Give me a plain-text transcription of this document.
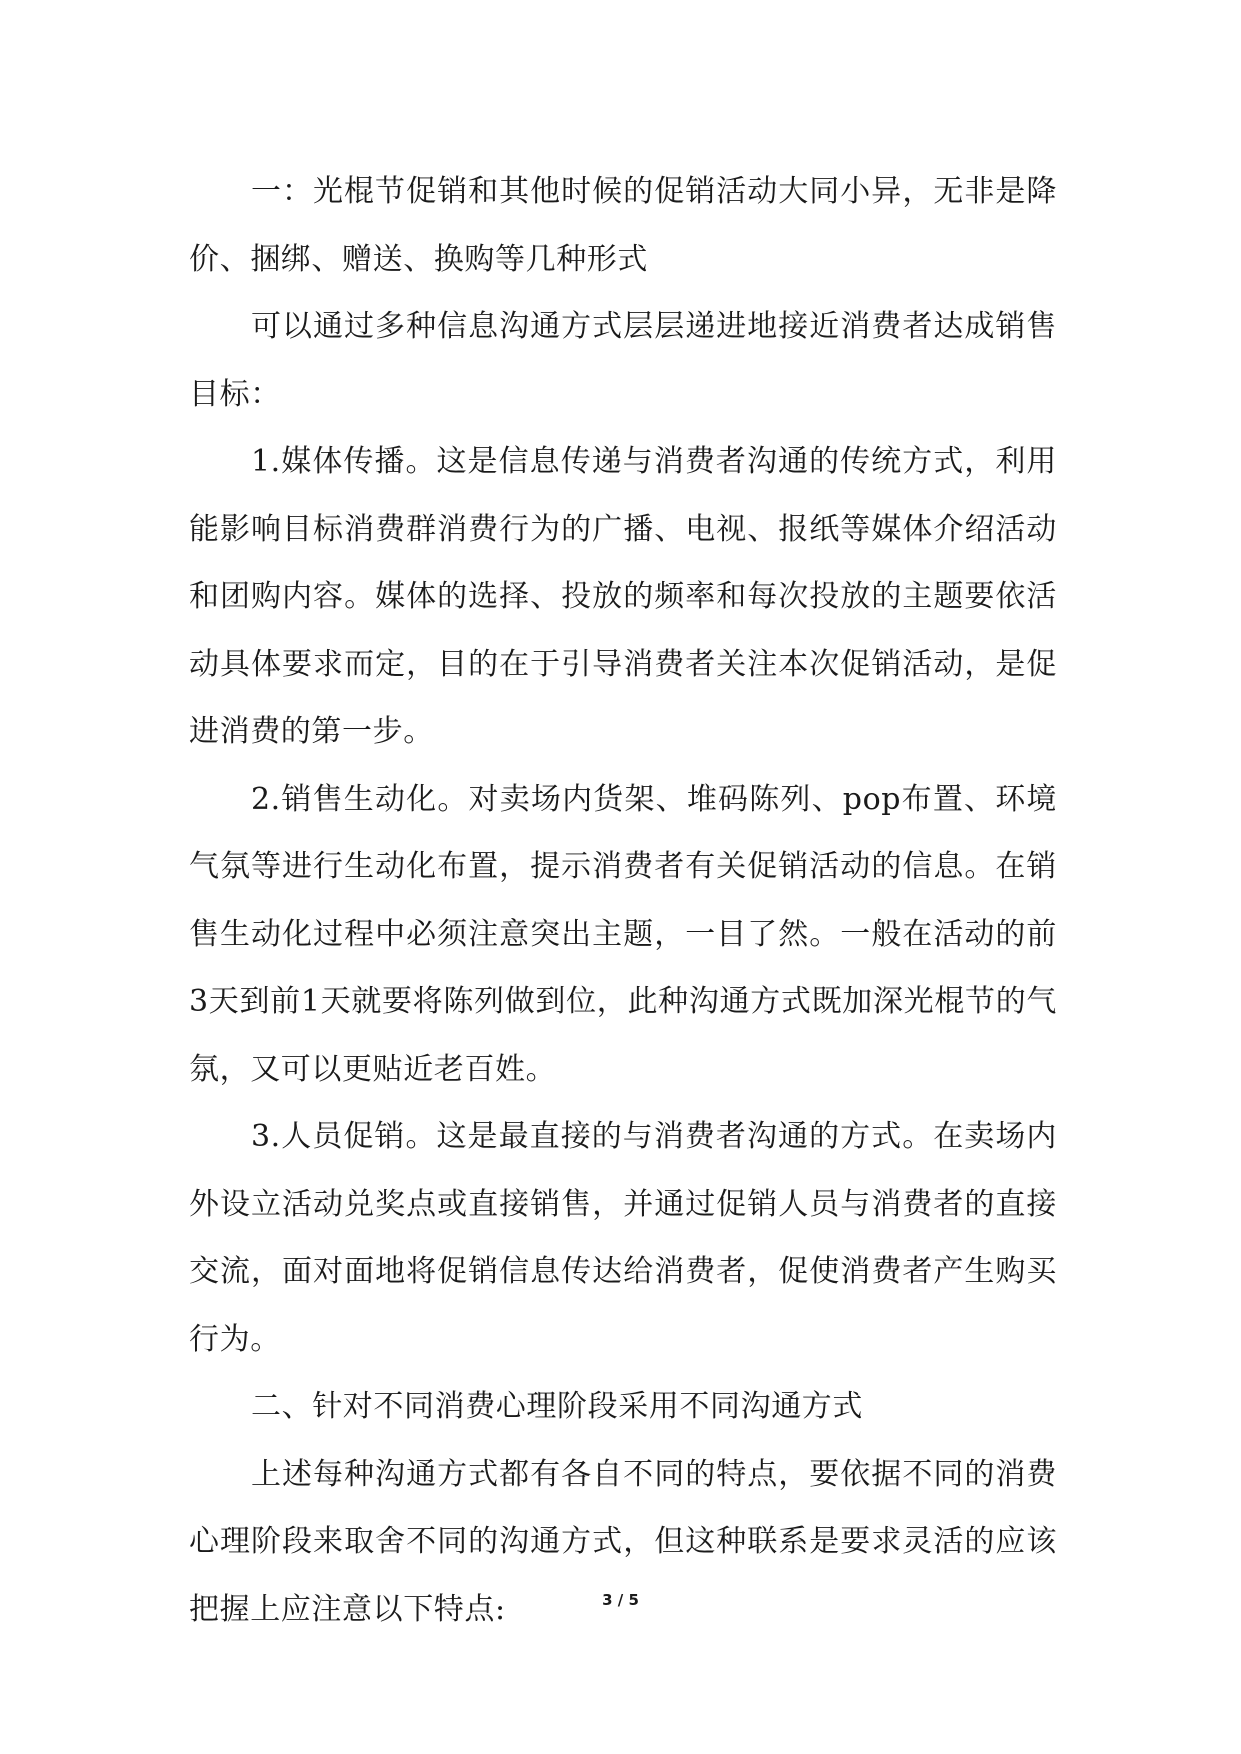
一：光棍节促销和其他时候的促销活动大同小异，无非是降价、捆绑、赠送、换购等几种形式

可以通过多种信息沟通方式层层递进地接近消费者达成销售目标：

1.媒体传播。这是信息传递与消费者沟通的传统方式，利用能影响目标消费群消费行为的广播、电视、报纸等媒体介绍活动和团购内容。媒体的选择、投放的频率和每次投放的主题要依活动具体要求而定，目的在于引导消费者关注本次促销活动，是促进消费的第一步。

2.销售生动化。对卖场内货架、堆码陈列、pop布置、环境气氛等进行生动化布置，提示消费者有关促销活动的信息。在销售生动化过程中必须注意突出主题，一目了然。一般在活动的前3天到前1天就要将陈列做到位，此种沟通方式既加深光棍节的气氛，又可以更贴近老百姓。

3.人员促销。这是最直接的与消费者沟通的方式。在卖场内外设立活动兑奖点或直接销售，并通过促销人员与消费者的直接交流，面对面地将促销信息传达给消费者，促使消费者产生购买行为。

二、针对不同消费心理阶段采用不同沟通方式

上述每种沟通方式都有各自不同的特点，要依据不同的消费心理阶段来取舍不同的沟通方式，但这种联系是要求灵活的应该把握上应注意以下特点:	3 / 5
